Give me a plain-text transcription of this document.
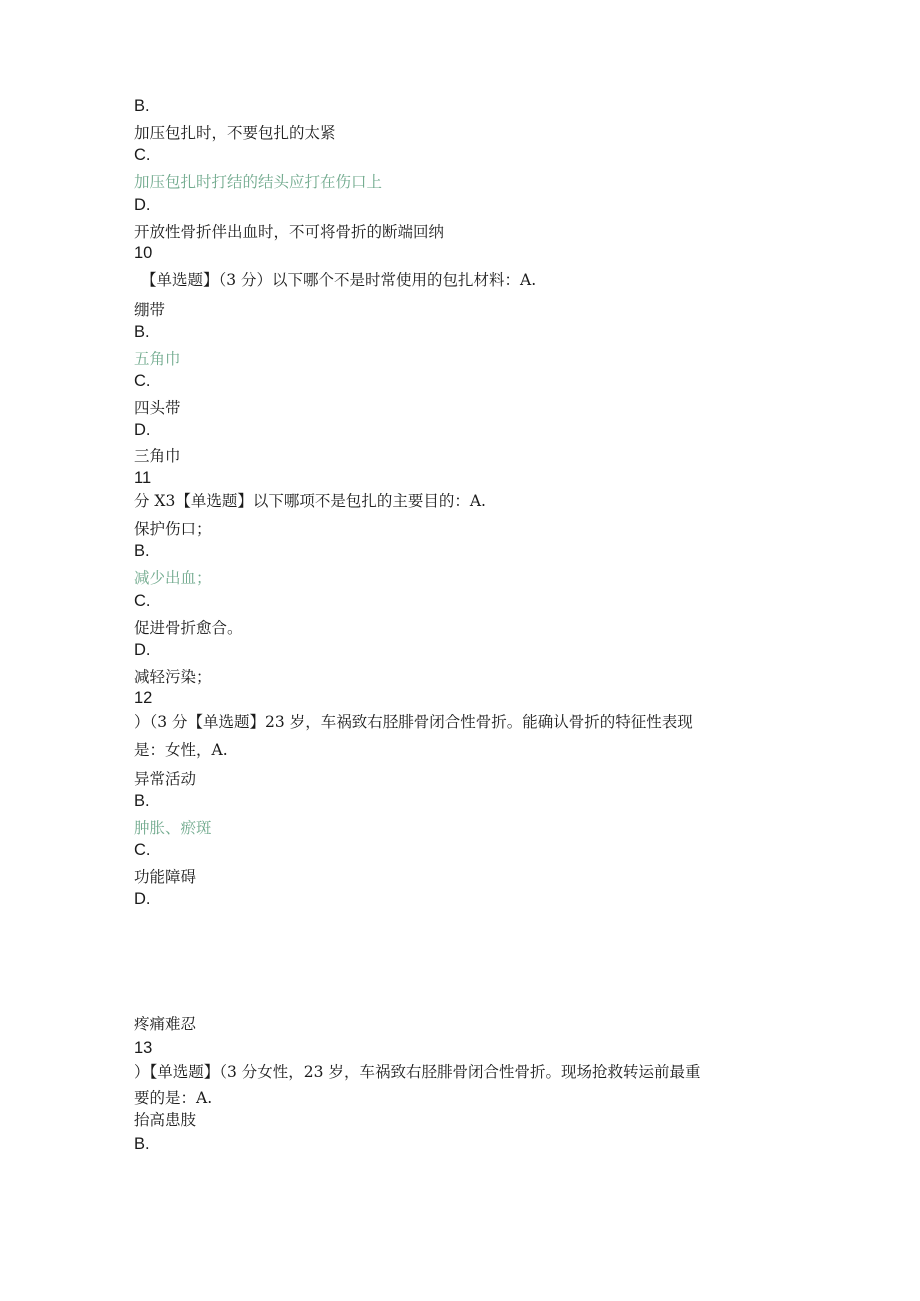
B.
加压包扎时，不要包扎的太紧
C.
加压包扎时打结的结头应打在伤口上
D.
开放性骨折伴出血时，不可将骨折的断端回纳
10
【单选题】（3 分）以下哪个不是时常使用的包扎材料：A.
绷带
B.
五角巾
C.
四头带
D.
三角巾
11
分 X3【单选题】以下哪项不是包扎的主要目的：A.
保护伤口；
B.
减少出血；
C.
促进骨折愈合。
D.
减轻污染；
12
）（3 分【单选题】23 岁，车祸致右胫腓骨闭合性骨折。能确认骨折的特征性表现
是：女性，A.
异常活动
B.
肿胀、瘀斑
C.
功能障碍
D.
疼痛难忍
13
）【单选题】（3 分女性，23 岁，车祸致右胫腓骨闭合性骨折。现场抢救转运前最重
要的是：A.
抬高患肢
B.
